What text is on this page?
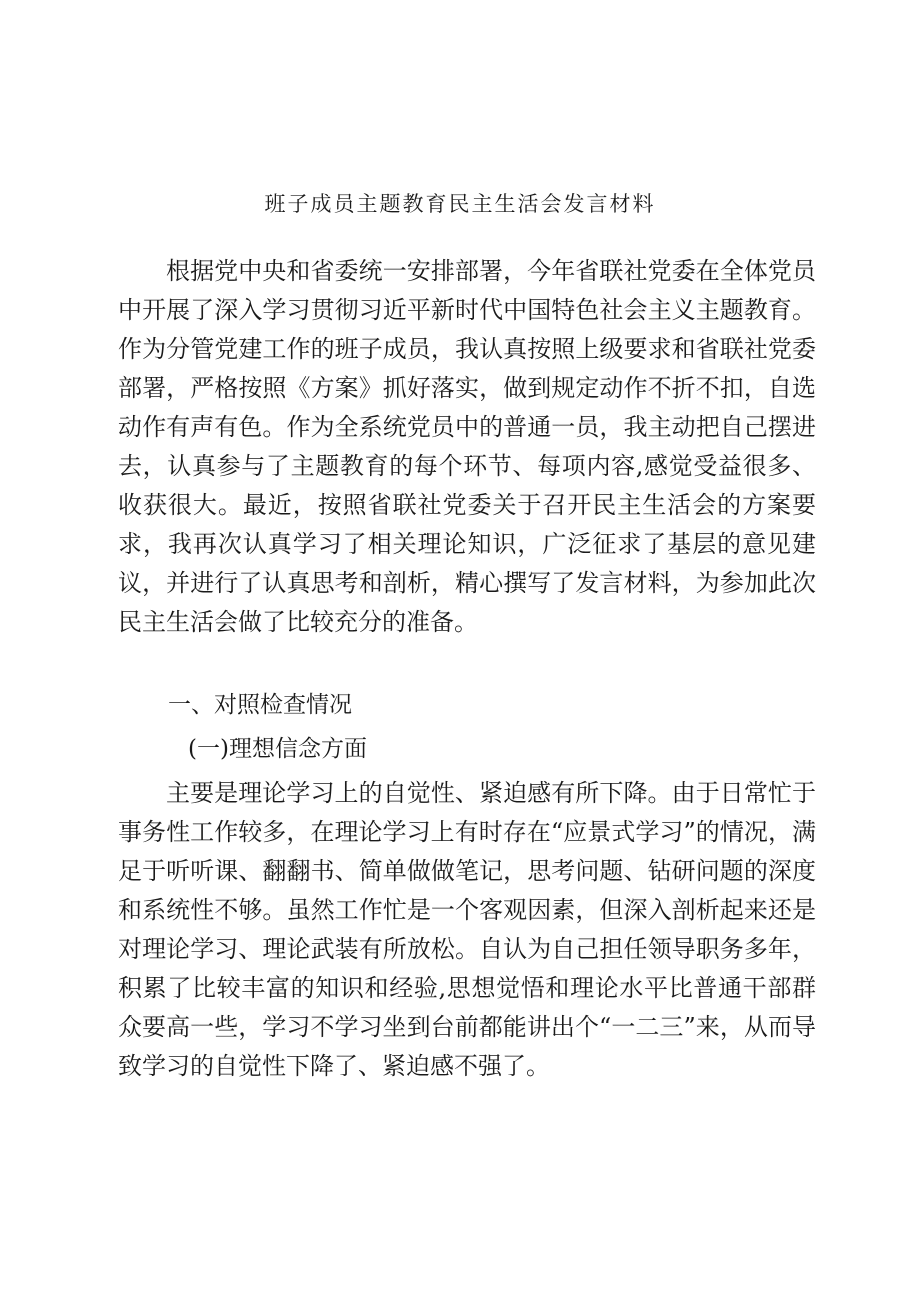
班子成员主题教育民主生活会发言材料

根据党中央和省委统一安排部署，今年省联社党委在全体党员中开展了深入学习贯彻习近平新时代中国特色社会主义主题教育。作为分管党建工作的班子成员，我认真按照上级要求和省联社党委部署，严格按照《方案》抓好落实，做到规定动作不折不扣，自选动作有声有色。作为全系统党员中的普通一员，我主动把自己摆进去，认真参与了主题教育的每个环节、每项内容,感觉受益很多、收获很大。最近，按照省联社党委关于召开民主生活会的方案要求，我再次认真学习了相关理论知识，广泛征求了基层的意见建议，并进行了认真思考和剖析，精心撰写了发言材料，为参加此次民主生活会做了比较充分的准备。

一、对照检查情况
(一)理想信念方面

主要是理论学习上的自觉性、紧迫感有所下降。由于日常忙于事务性工作较多，在理论学习上有时存在“应景式学习”的情况，满足于听听课、翻翻书、简单做做笔记，思考问题、钻研问题的深度和系统性不够。虽然工作忙是一个客观因素，但深入剖析起来还是对理论学习、理论武装有所放松。自认为自己担任领导职务多年，积累了比较丰富的知识和经验,思想觉悟和理论水平比普通干部群众要高一些，学习不学习坐到台前都能讲出个“一二三”来，从而导致学习的自觉性下降了、紧迫感不强了。
